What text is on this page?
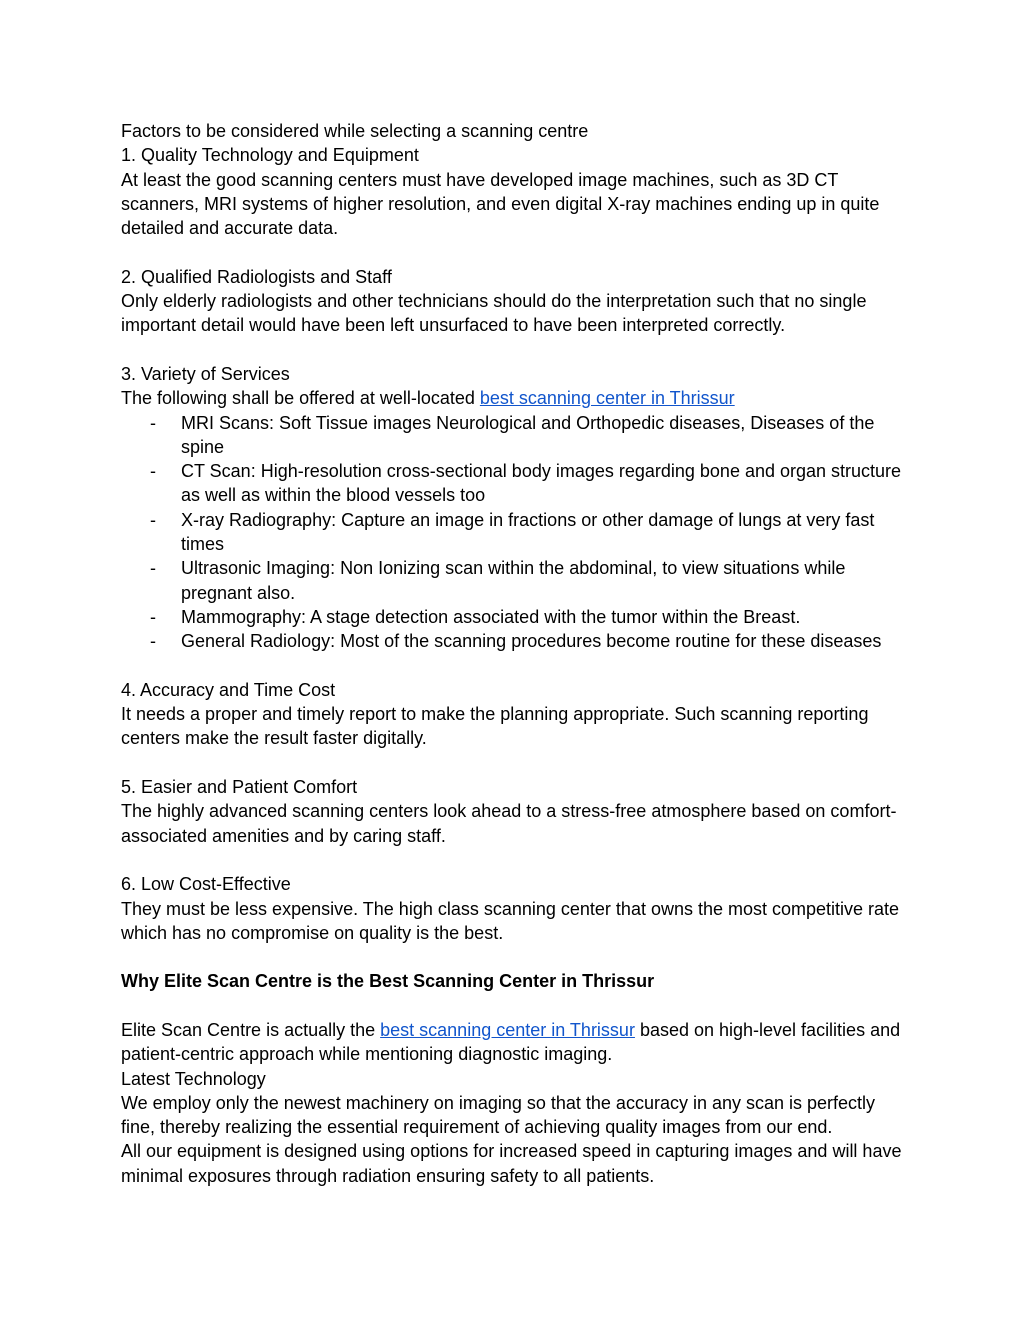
Factors to be considered while selecting a scanning centre

1. Quality Technology and Equipment

At least the good scanning centers must have developed image machines, such as 3D CT scanners, MRI systems of higher resolution, and even digital X-ray machines ending up in quite detailed and accurate data.

2. Qualified Radiologists and Staff

Only elderly radiologists and other technicians should do the interpretation such that no single important detail would have been left unsurfaced to have been interpreted correctly.

3. Variety of Services

The following shall be offered at well-located best scanning center in Thrissur

- MRI Scans: Soft Tissue images Neurological and Orthopedic diseases, Diseases of the spine
- CT Scan: High-resolution cross-sectional body images regarding bone and organ structure as well as within the blood vessels too
- X-ray Radiography: Capture an image in fractions or other damage of lungs at very fast times
- Ultrasonic Imaging: Non Ionizing scan within the abdominal, to view situations while pregnant also.
- Mammography: A stage detection associated with the tumor within the Breast.
- General Radiology: Most of the scanning procedures become routine for these diseases

4. Accuracy and Time Cost

It needs a proper and timely report to make the planning appropriate. Such scanning reporting centers make the result faster digitally.

5. Easier and Patient Comfort

The highly advanced scanning centers look ahead to a stress-free atmosphere based on comfort-associated amenities and by caring staff.

6. Low Cost-Effective

They must be less expensive. The high class scanning center that owns the most competitive rate which has no compromise on quality is the best.

Why Elite Scan Centre is the Best Scanning Center in Thrissur

Elite Scan Centre is actually the best scanning center in Thrissur based on high-level facilities and patient-centric approach while mentioning diagnostic imaging.

Latest Technology

We employ only the newest machinery on imaging so that the accuracy in any scan is perfectly fine, thereby realizing the essential requirement of achieving quality images from our end.

All our equipment is designed using options for increased speed in capturing images and will have minimal exposures through radiation ensuring safety to all patients.
